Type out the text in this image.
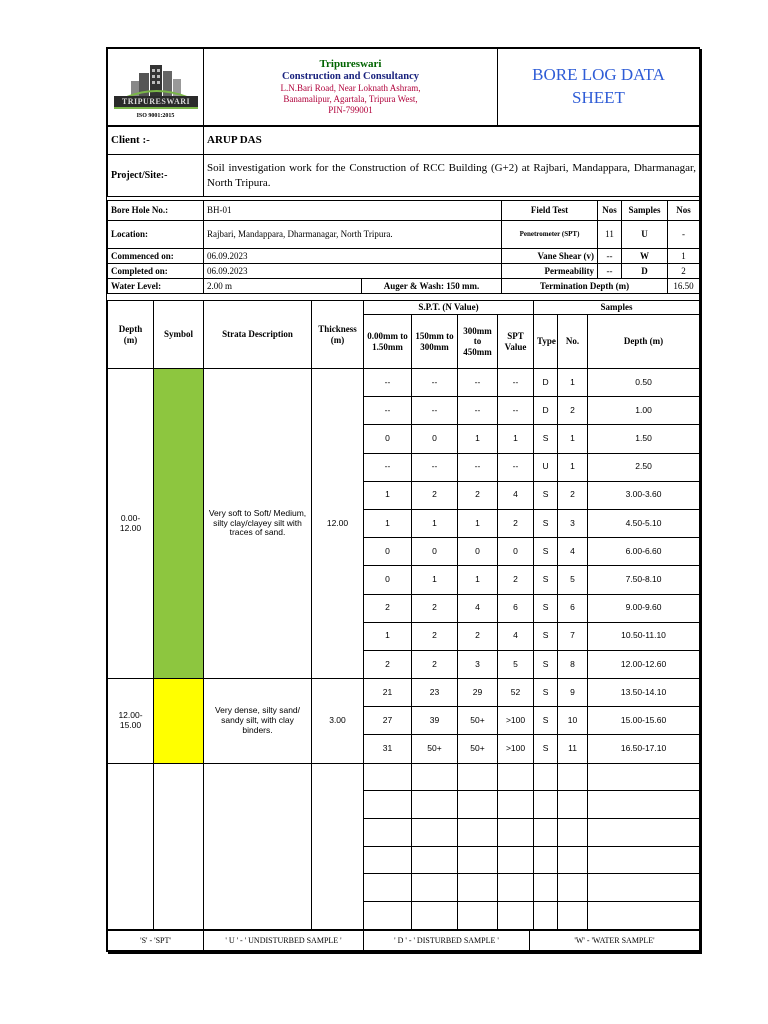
TRIPURESWARI
ISO 9001:2015

Tripureswari
Construction and Consultancy
L.N.Bari Road, Near Loknath Ashram,
Banamalipur, Agartala, Tripura West,
PIN-799001

BORE LOG DATA
SHEET
Client :-	ARUP DAS
Project/Site:-	Soil investigation work for the Construction of RCC Building (G+2) at Rajbari, Mandappara, Dharmanagar, North Tripura.
Bore Hole No.:	BH-01		Field Test	Nos	Samples	Nos
Location:	Rajbari, Mandappara, Dharmanagar, North Tripura.		Penetrometer (SPT)	11	U	-
Commenced on:	06.09.2023		Vane Shear (v)	--	W	1
Completed on:	06.09.2023		Permeability	--	D	2
Water Level:	2.00 m	Auger & Wash: 150 mm.	Termination Depth (m)			16.50
Depth (m)	Symbol	Strata Description	Thickness (m)	S.P.T. (N Value)				Samples		
				0.00mm to 1.50mm	150mm to 300mm	300mm to 450mm	SPT Value	Type	No.	Depth (m)
0.00- 12.00		Very soft to Soft/ Medium, silty clay/clayey silt with traces of sand.	12.00	--	--	--	--	D	1	0.50
				--	--	--	--	D	2	1.00
				0	0	1	1	S	1	1.50
				--	--	--	--	U	1	2.50
				1	2	2	4	S	2	3.00-3.60
				1	1	1	2	S	3	4.50-5.10
				0	0	0	0	S	4	6.00-6.60
				0	1	1	2	S	5	7.50-8.10
				2	2	4	6	S	6	9.00-9.60
				1	2	2	4	S	7	10.50-11.10
				2	2	3	5	S	8	12.00-12.60
12.00- 15.00		Very dense, silty sand/ sandy silt, with clay binders.	3.00	21	23	29	52	S	9	13.50-14.10
				27	39	50+	>100	S	10	15.00-15.60
				31	50+	50+	>100	S	11	16.50-17.10

'S' - 'SPT'	' U ' - ' UNDISTURBED SAMPLE '	' D ' - ' DISTURBED SAMPLE '	'W' - 'WATER SAMPLE'
